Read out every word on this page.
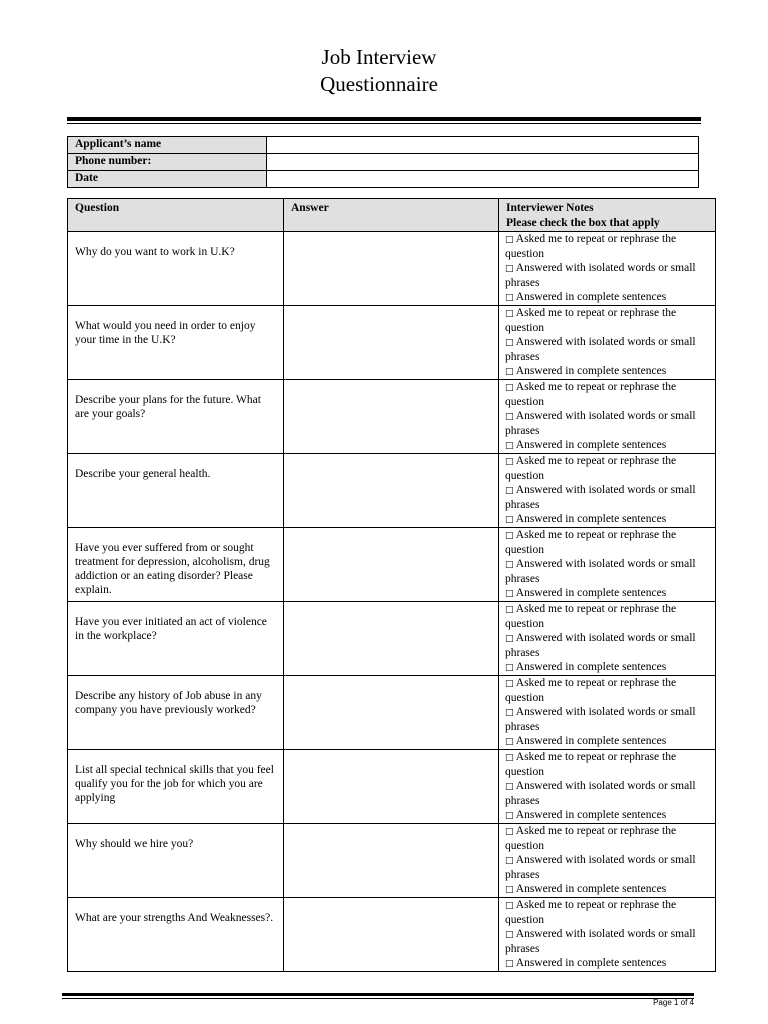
Job Interview
Questionnaire
Applicant’s name	
Phone number:	
Date	
Question	Answer	Interviewer Notes
Please check the box that apply
Why do you want to work in U.K?		□ Asked me to repeat or rephrase the question
□ Answered with isolated words or small phrases
□ Answered in complete sentences

What would you need in order to enjoy your time in the U.K?		□ Asked me to repeat or rephrase the question
□ Answered with isolated words or small phrases
□ Answered in complete sentences

Describe your plans for the future. What are your goals?		□ Asked me to repeat or rephrase the question
□ Answered with isolated words or small phrases
□ Answered in complete sentences

Describe your general health.		□ Asked me to repeat or rephrase the question
□ Answered with isolated words or small phrases
□ Answered in complete sentences

Have you ever suffered from or sought treatment for depression, alcoholism, drug addiction or an eating disorder? Please explain.		□ Asked me to repeat or rephrase the question
□ Answered with isolated words or small phrases
□ Answered in complete sentences

Have you ever initiated an act of violence in the workplace?		□ Asked me to repeat or rephrase the question
□ Answered with isolated words or small phrases
□ Answered in complete sentences

Describe any history of Job abuse in any company you have previously worked?		□ Asked me to repeat or rephrase the question
□ Answered with isolated words or small phrases
□ Answered in complete sentences

List all special technical skills that you feel qualify you for the job for which you are applying		□ Asked me to repeat or rephrase the question
□ Answered with isolated words or small phrases
□ Answered in complete sentences

Why should we hire you?		□ Asked me to repeat or rephrase the question
□ Answered with isolated words or small phrases
□ Answered in complete sentences

What are your strengths And Weaknesses?.		□ Asked me to repeat or rephrase the question
□ Answered with isolated words or small phrases
□ Answered in complete sentences
Page 1 of 4
